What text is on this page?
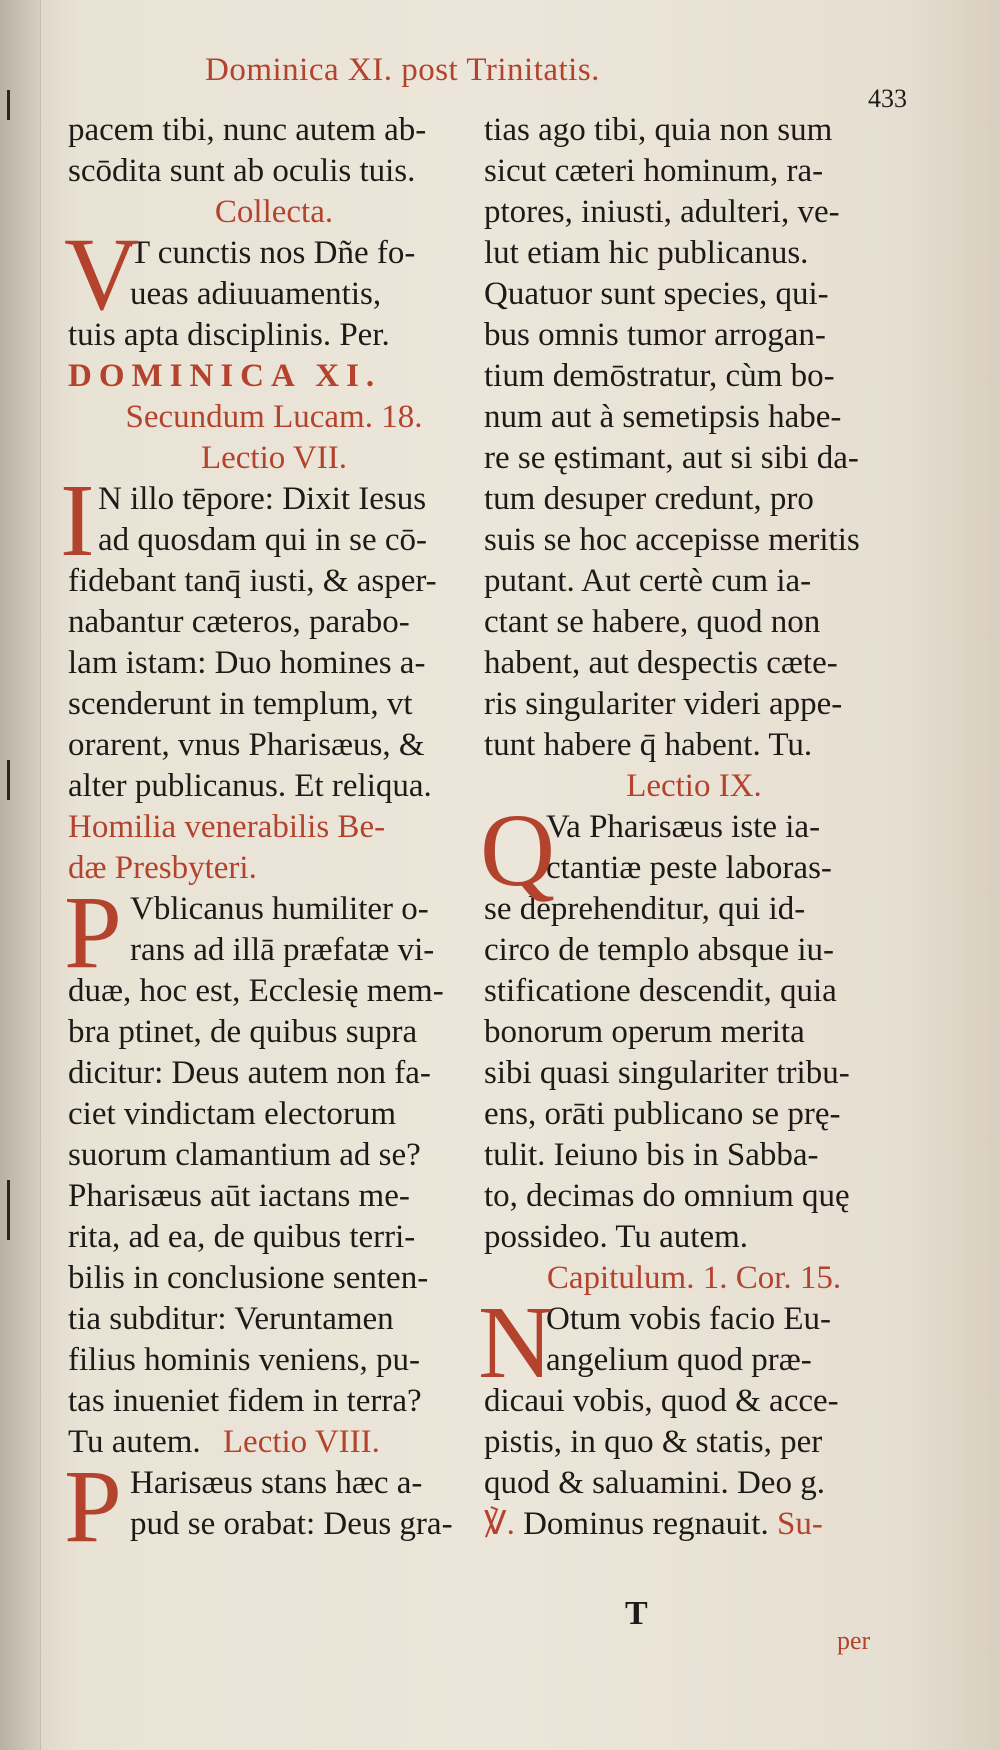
Dominica XI. post Trinitatis.
433
pacem tibi, nunc autem ab-
scōdita sunt ab oculis tuis.
Collecta.
V
T cunctis nos Dñe fo-
ueas adiuuamentis,
tuis apta disciplinis. Per.
DOMINICA XI.
Secundum Lucam. 18.
Lectio VII.
I N illo tēpore: Dixit Iesus
ad quosdam qui in se cō-
fidebant tanq̄ iusti, & asper-
nabantur cæteros, parabo-
lam istam: Duo homines a-
scenderunt in templum, vt
orarent, vnus Pharisæus, &
alter publicanus. Et reliqua.
Homilia venerabilis Be-
dæ Presbyteri.
P Vblicanus humiliter o-
rans ad illā præfatæ vi-
duæ, hoc est, Ecclesię mem-
bra ptinet, de quibus supra
dicitur: Deus autem non fa-
ciet vindictam electorum
suorum clamantium ad se?
Pharisæus aūt iactans me-
rita, ad ea, de quibus terri-
bilis in conclusione senten-
tia subditur: Veruntamen
filius hominis veniens, pu-
tas inueniet fidem in terra?
Tu autem. Lectio VIII.
P Harisæus stans hæc a-
pud se orabat: Deus gra-
tias ago tibi, quia non sum
sicut cæteri hominum, ra-
ptores, iniusti, adulteri, ve-
lut etiam hic publicanus.
Quatuor sunt species, qui-
bus omnis tumor arrogan-
tium demōstratur, cùm bo-
num aut à semetipsis habe-
re se ęstimant, aut si sibi da-
tum desuper credunt, pro
suis se hoc accepisse meritis
putant. Aut certè cum ia-
ctant se habere, quod non
habent, aut despectis cæte-
ris singulariter videri appe-
tunt habere q̄ habent. Tu.
Lectio IX.
Q
Va Pharisæus iste ia-
ctantiæ peste laboras-
se deprehenditur, qui id-
circo de templo absque iu-
stificatione descendit, quia
bonorum operum merita
sibi quasi singulariter tribu-
ens, orāti publicano se prę-
tulit. Ieiuno bis in Sabba-
to, decimas do omnium quę
possideo. Tu autem.
Capitulum. 1. Cor. 15.
N
Otum vobis facio Eu-
angelium quod præ-
dicaui vobis, quod & acce-
pistis, in quo & statis, per
quod & saluamini. Deo g.
℣. Dominus regnauit. Su-
T
per
